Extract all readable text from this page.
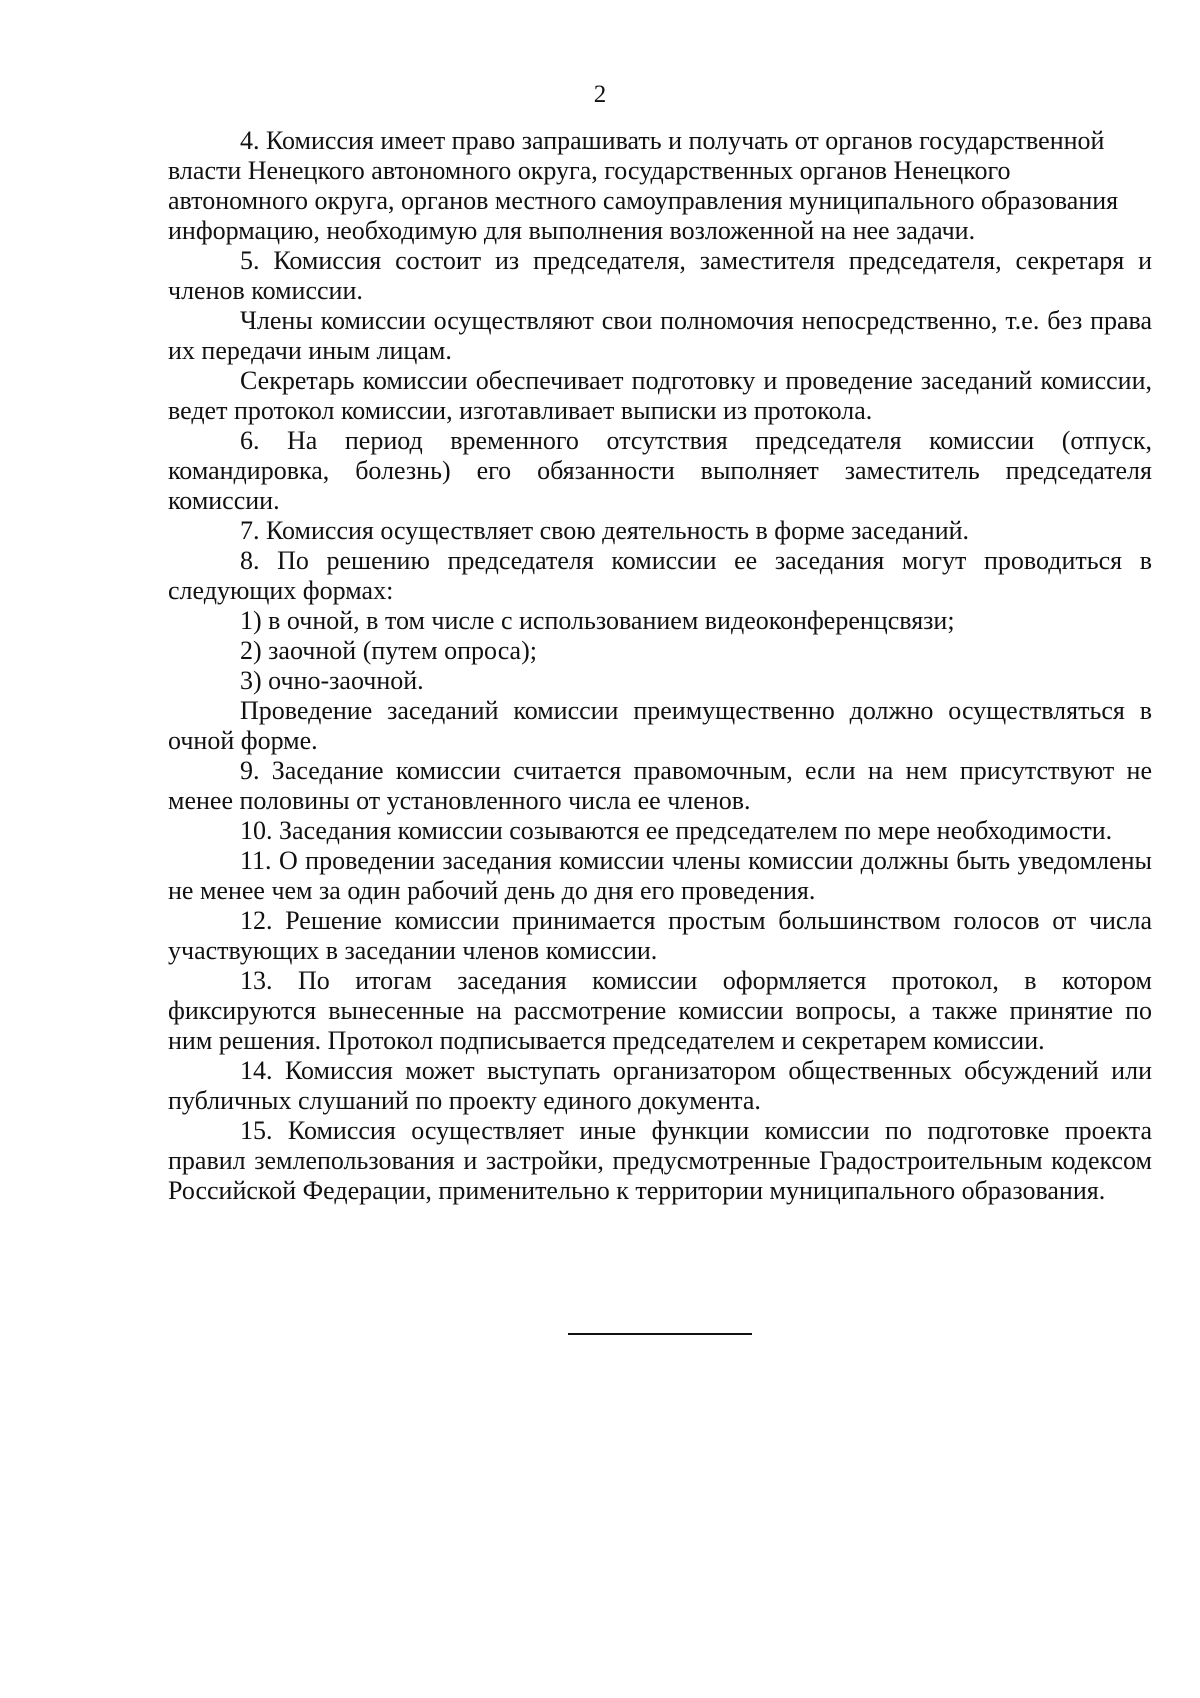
2

4. Комиссия имеет право запрашивать и получать от органов государственной власти Ненецкого автономного округа, государственных органов Ненецкого автономного округа, органов местного самоуправления муниципального образования информацию, необходимую для выполнения возложенной на нее задачи.

5. Комиссия состоит из председателя, заместителя председателя, секретаря и членов комиссии.

Члены комиссии осуществляют свои полномочия непосредственно, т.е. без права их передачи иным лицам.

Секретарь комиссии обеспечивает подготовку и проведение заседаний комиссии, ведет протокол комиссии, изготавливает выписки из протокола.

6. На период временного отсутствия председателя комиссии (отпуск, командировка, болезнь) его обязанности выполняет заместитель председателя комиссии.

7. Комиссия осуществляет свою деятельность в форме заседаний.

8. По решению председателя комиссии ее заседания могут проводиться в следующих формах:

1) в очной, в том числе с использованием видеоконференцсвязи;

2) заочной (путем опроса);

3) очно-заочной.

Проведение заседаний комиссии преимущественно должно осуществляться в очной форме.

9. Заседание комиссии считается правомочным, если на нем присутствуют не менее половины от установленного числа ее членов.

10. Заседания комиссии созываются ее председателем по мере необходимости.

11. О проведении заседания комиссии члены комиссии должны быть уведомлены не менее чем за один рабочий день до дня его проведения.

12. Решение комиссии принимается простым большинством голосов от числа участвующих в заседании членов комиссии.

13. По итогам заседания комиссии оформляется протокол, в котором фиксируются вынесенные на рассмотрение комиссии вопросы, а также принятие по ним решения. Протокол подписывается председателем и секретарем комиссии.

14. Комиссия может выступать организатором общественных обсуждений или публичных слушаний по проекту единого документа.

15. Комиссия осуществляет иные функции комиссии по подготовке проекта правил землепользования и застройки, предусмотренные Градостроительным кодексом Российской Федерации, применительно к территории муниципального образования.
